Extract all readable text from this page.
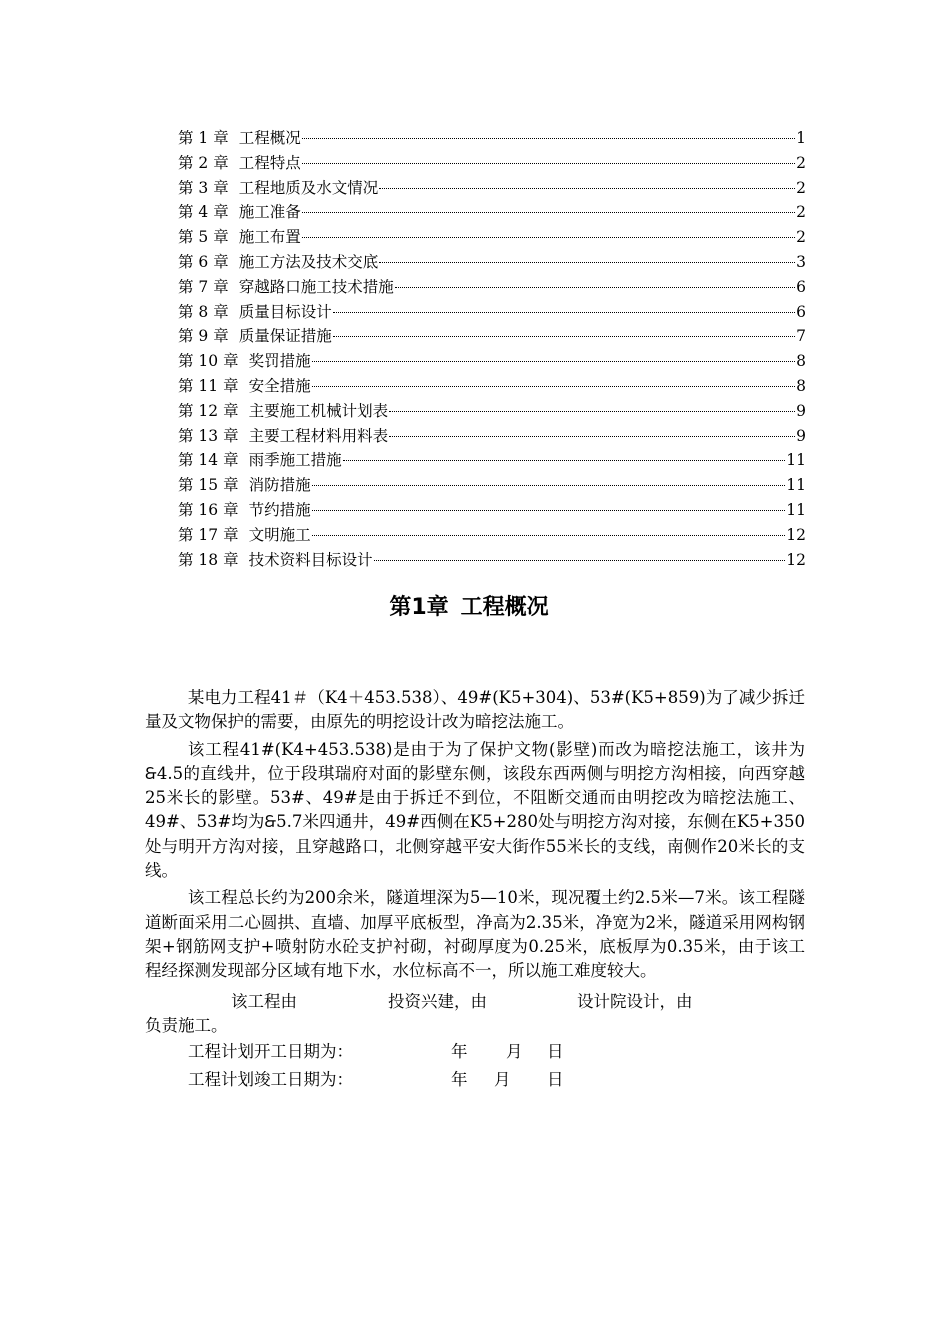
第 1 章 工程概况	1
第 2 章 工程特点	2
第 3 章 工程地质及水文情况	2
第 4 章 施工准备	2
第 5 章 施工布置	2
第 6 章 施工方法及技术交底	3
第 7 章 穿越路口施工技术措施	6
第 8 章 质量目标设计	6
第 9 章 质量保证措施	7
第 10 章 奖罚措施	8
第 11 章 安全措施	8
第 12 章 主要施工机械计划表	9
第 13 章 主要工程材料用料表	9
第 14 章 雨季施工措施	11
第 15 章 消防措施	11
第 16 章 节约措施	11
第 17 章 文明施工	12
第 18 章 技术资料目标设计	12
第1章 工程概况

某电力工程41＃（K4＋453.538）、49#(K5+304)、53#(K5+859)为了减少拆迁量及文物保护的需要，由原先的明挖设计改为暗挖法施工。

该工程41#(K4+453.538)是由于为了保护文物(影壁)而改为暗挖法施工，该井为🙲4.5的直线井，位于段琪瑞府对面的影壁东侧，该段东西两侧与明挖方沟相接，向西穿越25米长的影壁。53#、49#是由于拆迁不到位，不阻断交通而由明挖改为暗挖法施工、49#、53#均为🙲5.7米四通井，49#西侧在K5+280处与明挖方沟对接，东侧在K5+350处与明开方沟对接，且穿越路口，北侧穿越平安大街作55米长的支线，南侧作20米长的支线。

该工程总长约为200余米，隧道埋深为5—10米，现况覆土约2.5米—7米。该工程隧道断面采用二心圆拱、直墙、加厚平底板型，净高为2.35米，净宽为2米，隧道采用网构钢架+钢筋网支护+喷射防水砼支护衬砌，衬砌厚度为0.25米，底板厚为0.35米，由于该工程经探测发现部分区域有地下水，水位标高不一，所以施工难度较大。

该工程由	投资兴建，由	设计院设计，由
负责施工。
工程计划开工日期为：	年 月 日
工程计划竣工日期为：	年 月 日
